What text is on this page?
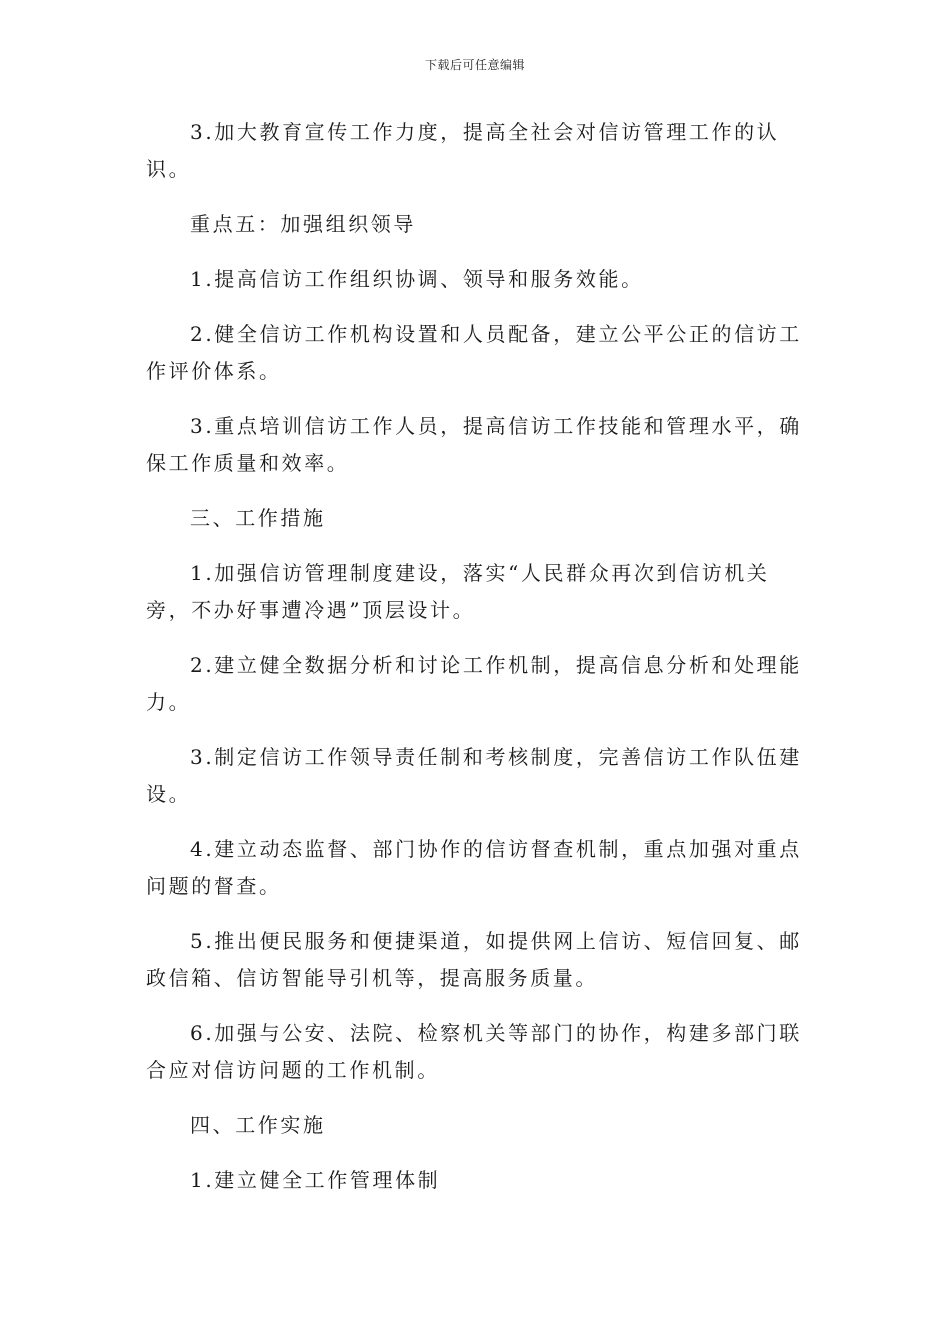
下载后可任意编辑

3.加大教育宣传工作力度，提高全社会对信访管理工作的认识。

重点五：加强组织领导

1.提高信访工作组织协调、领导和服务效能。

2.健全信访工作机构设置和人员配备，建立公平公正的信访工作评价体系。

3.重点培训信访工作人员，提高信访工作技能和管理水平，确保工作质量和效率。

三、工作措施

1.加强信访管理制度建设，落实“人民群众再次到信访机关旁，不办好事遭冷遇”顶层设计。

2.建立健全数据分析和讨论工作机制，提高信息分析和处理能力。

3.制定信访工作领导责任制和考核制度，完善信访工作队伍建设。

4.建立动态监督、部门协作的信访督查机制，重点加强对重点问题的督查。

5.推出便民服务和便捷渠道，如提供网上信访、短信回复、邮政信箱、信访智能导引机等，提高服务质量。

6.加强与公安、法院、检察机关等部门的协作，构建多部门联合应对信访问题的工作机制。

四、工作实施

1.建立健全工作管理体制
